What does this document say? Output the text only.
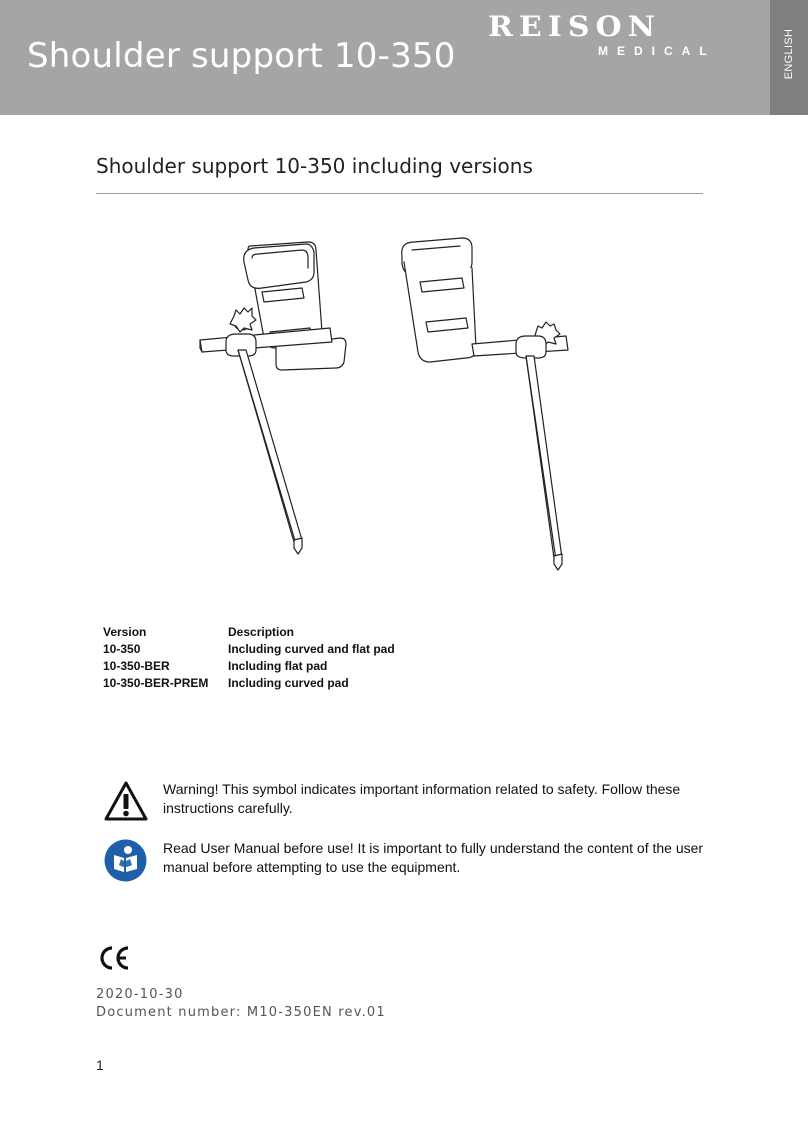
Shoulder support 10-350
REISON
MEDICAL	ENGLISH
Shoulder support 10-350 including versions
Version	Description
10-350	Including curved and flat pad
10-350-BER	Including flat pad
10-350-BER-PREM	Including curved pad
Warning! This symbol indicates important information related to safety. Follow these instructions carefully.
Read User Manual before use! It is important to fully understand the content of the user manual before attempting to use the equipment.
2020-10-30
Document number: M10-350EN rev.01
1
